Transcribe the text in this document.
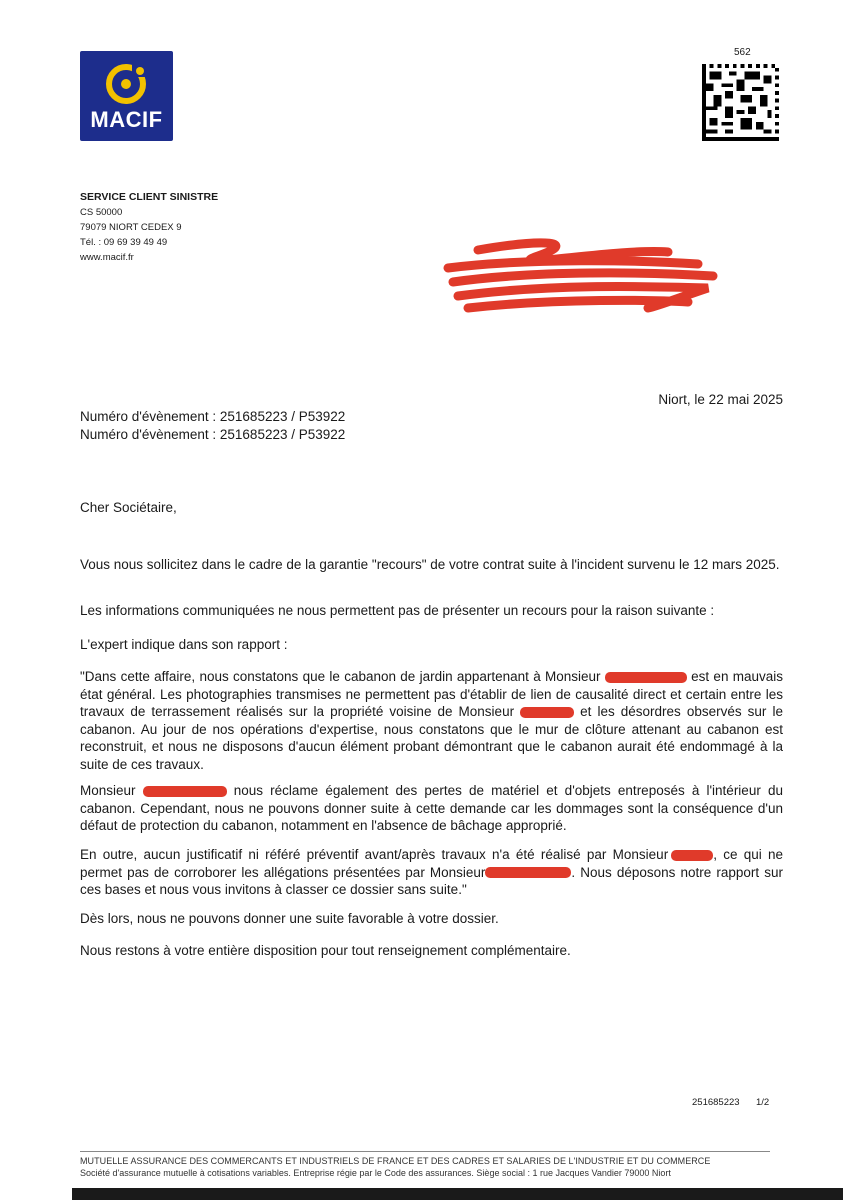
MACIF
562
SERVICE CLIENT SINISTRE
CS 50000
79079 NIORT CEDEX 9
Tél. : 09 69 39 49 49
www.macif.fr
Niort, le 22 mai 2025
Numéro d'évènement : 251685223 / P53922
Numéro d'évènement : 251685223 / P53922
Cher Sociétaire,
Vous nous sollicitez dans le cadre de la garantie "recours" de votre contrat suite à l'incident survenu le 12 mars 2025.
Les informations communiquées ne nous permettent pas de présenter un recours pour la raison suivante :
L'expert indique dans son rapport :
"Dans cette affaire, nous constatons que le cabanon de jardin appartenant à Monsieur	est en mauvais état général. Les photographies transmises ne permettent pas d'établir de lien de causalité direct et certain entre les travaux de terrassement réalisés sur la propriété voisine de Monsieur	et les désordres observés sur le cabanon. Au jour de nos opérations d'expertise, nous constatons que le mur de clôture attenant au cabanon est reconstruit, et nous ne disposons d'aucun élément probant démontrant que le cabanon aurait été endommagé à la suite de ces travaux.
Monsieur	nous réclame également des pertes de matériel et d'objets entreposés à l'intérieur du cabanon. Cependant, nous ne pouvons donner suite à cette demande car les dommages sont la conséquence d'un défaut de protection du cabanon, notamment en l'absence de bâchage approprié.
En outre, aucun justificatif ni référé préventif avant/après travaux n'a été réalisé par Monsieur	, ce qui ne permet pas de corroborer les allégations présentées par Monsieur	. Nous déposons notre rapport sur ces bases et nous vous invitons à classer ce dossier sans suite."
Dès lors, nous ne pouvons donner une suite favorable à votre dossier.
Nous restons à votre entière disposition pour tout renseignement complémentaire.
251685223 1/2
MUTUELLE ASSURANCE DES COMMERCANTS ET INDUSTRIELS DE FRANCE ET DES CADRES ET SALARIES DE L'INDUSTRIE ET DU COMMERCE
Société d'assurance mutuelle à cotisations variables. Entreprise régie par le Code des assurances. Siège social : 1 rue Jacques Vandier 79000 Niort
